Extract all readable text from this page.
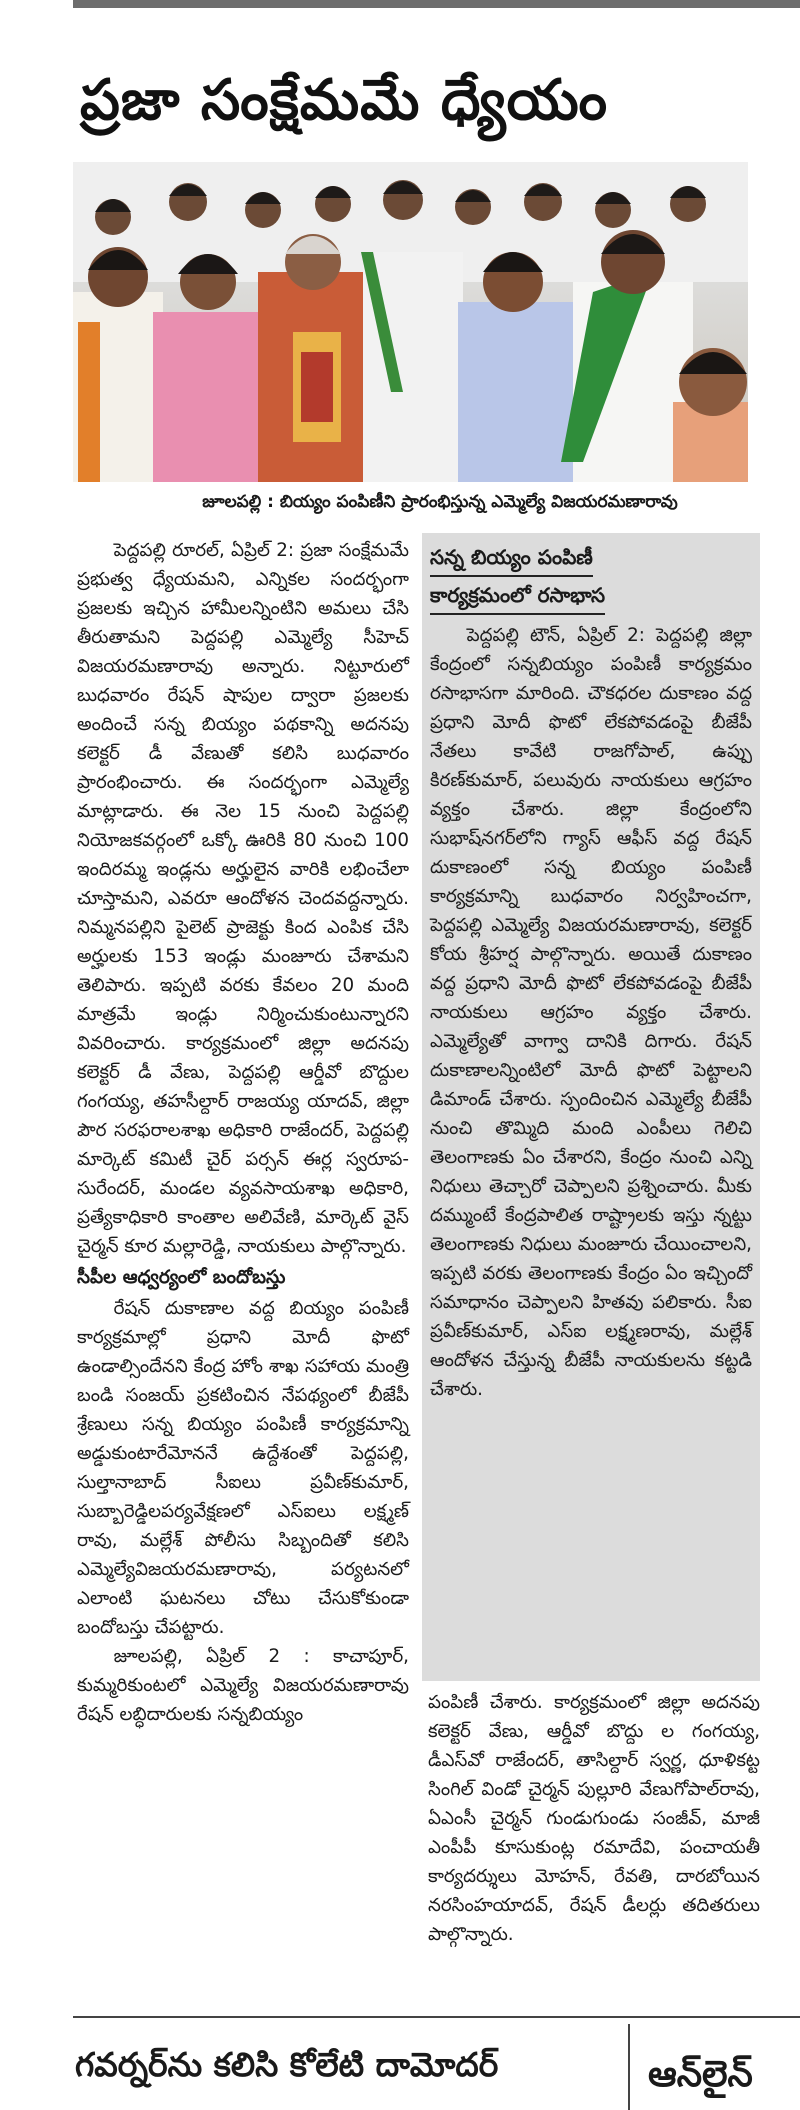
ప్రజా సంక్షేమమే ధ్యేయం
జూలపల్లి : బియ్యం పంపిణీని ప్రారంభిస్తున్న ఎమ్మెల్యే విజయరమణారావు

పెద్దపల్లి రూరల్, ఏప్రిల్ 2: ప్రజా సంక్షేమమే ప్రభుత్వ ధ్యేయమని, ఎన్నికల సందర్భంగా ప్రజలకు ఇచ్చిన హామీలన్నింటిని అమలు చేసి తీరుతామని పెద్దపల్లి ఎమ్మెల్యే సీహెచ్ విజయరమణారావు అన్నారు. నిట్టూరులో బుధవారం రేషన్ షాపుల ద్వారా ప్రజలకు అందించే సన్న బియ్యం పథకాన్ని అదనపు కలెక్టర్ డీ వేణుతో కలిసి బుధవారం ప్రారంభించారు. ఈ సందర్భంగా ఎమ్మెల్యే మాట్లాడారు. ఈ నెల 15 నుంచి పెద్దపల్లి నియోజకవర్గంలో ఒక్కో ఊరికి 80 నుంచి 100 ఇందిరమ్మ ఇండ్లను అర్హులైన వారికి లభించేలా చూస్తామని, ఎవరూ ఆందోళన చెందవద్దన్నారు. నిమ్మనపల్లిని పైలెట్ ప్రాజెక్టు కింద ఎంపిక చేసి అర్హులకు 153 ఇండ్లు మంజూరు చేశామని తెలిపారు. ఇప్పటి వరకు కేవలం 20 మంది మాత్రమే ఇండ్లు నిర్మించుకుంటున్నారని వివరించారు. కార్యక్రమంలో జిల్లా అదనపు కలెక్టర్ డీ వేణు, పెద్దపల్లి ఆర్డీవో బొద్దుల గంగయ్య, తహసీల్దార్ రాజయ్య యాదవ్, జిల్లా పౌర సరఫరాలశాఖ అధికారి రాజేందర్, పెద్దపల్లి మార్కెట్ కమిటీ చైర్ పర్సన్ ఈర్ల స్వరూప-సురేందర్, మండల వ్యవసాయశాఖ అధికారి, ప్రత్యేకాధికారి కాంతాల అలివేణి, మార్కెట్ వైస్ చైర్మన్ కూర మల్లారెడ్డి, నాయకులు పాల్గొన్నారు.

సీపీల ఆధ్వర్యంలో బందోబస్తు

రేషన్ దుకాణాల వద్ద బియ్యం పంపిణీ కార్యక్రమాల్లో ప్రధాని మోదీ ఫొటో ఉండాల్సిందేనని కేంద్ర హోం శాఖ సహాయ మంత్రి బండి సంజయ్ ప్రకటించిన నేపథ్యంలో బీజేపీ శ్రేణులు సన్న బియ్యం పంపిణీ కార్యక్రమాన్ని అడ్డుకుంటారేమోననే ఉద్దేశంతో పెద్దపల్లి, సుల్తానాబాద్ సీఐలు ప్రవీణ్‌కుమార్, సుబ్బారెడ్డిలపర్యవేక్షణలో ఎస్ఐలు లక్ష్మణ్ రావు, మల్లేశ్ పోలీసు సిబ్బందితో కలిసి ఎమ్మెల్యేవిజయరమణారావు, పర్యటనలో ఎలాంటి ఘటనలు చోటు చేసుకోకుండా బందోబస్తు చేపట్టారు.

జూలపల్లి, ఏప్రిల్ 2 : కాచాపూర్, కుమ్మరికుంటలో ఎమ్మెల్యే విజయరమణారావు రేషన్ లబ్ధిదారులకు సన్నబియ్యం

సన్న బియ్యం పంపిణీ
కార్యక్రమంలో రసాభాస

పెద్దపల్లి టౌన్, ఏప్రిల్ 2: పెద్దపల్లి జిల్లా కేంద్రంలో సన్నబియ్యం పంపిణీ కార్యక్రమం రసాభాసగా మారింది. చౌకధరల దుకాణం వద్ద ప్రధాని మోదీ ఫొటో లేకపోవడంపై బీజేపీ నేతలు కావేటి రాజగోపాల్, ఉప్పు కిరణ్‌కుమార్, పలువురు నాయకులు ఆగ్రహం వ్యక్తం చేశారు. జిల్లా కేంద్రంలోని సుభాష్‌నగర్‌లోని గ్యాస్ ఆఫీస్ వద్ద రేషన్ దుకాణంలో సన్న బియ్యం పంపిణీ కార్యక్రమాన్ని బుధవారం నిర్వహించగా, పెద్దపల్లి ఎమ్మెల్యే విజయరమణారావు, కలెక్టర్ కోయ శ్రీహర్ష పాల్గొన్నారు. అయితే దుకాణం వద్ద ప్రధాని మోదీ ఫొటో లేకపోవడంపై బీజేపీ నాయకులు ఆగ్రహం వ్యక్తం చేశారు. ఎమ్మెల్యేతో వాగ్వా దానికి దిగారు. రేషన్ దుకాణాలన్నింటిలో మోదీ ఫొటో పెట్టాలని డిమాండ్ చేశారు. స్పందించిన ఎమ్మెల్యే బీజేపీ నుంచి తొమ్మిది మంది ఎంపీలు గెలిచి తెలంగాణకు ఏం చేశారని, కేంద్రం నుంచి ఎన్ని నిధులు తెచ్చారో చెప్పాలని ప్రశ్నించారు. మీకు దమ్ముంటే కేంద్రపాలిత రాష్ట్రాలకు ఇస్తు న్నట్టు తెలంగాణకు నిధులు మంజూరు చేయించాలని, ఇప్పటి వరకు తెలంగాణకు కేంద్రం ఏం ఇచ్చిందో సమాధానం చెప్పాలని హితవు పలికారు. సీఐ ప్రవీణ్‌కుమార్, ఎస్ఐ లక్ష్మణరావు, మల్లేశ్ ఆందోళన చేస్తున్న బీజేపీ నాయకులను కట్టడి చేశారు.

పంపిణీ చేశారు. కార్యక్రమంలో జిల్లా అదనపు కలెక్టర్ వేణు, ఆర్డీవో బొద్దు ల గంగయ్య, డీఎస్‌వో రాజేందర్, తాసిల్దార్ స్వర్ణ, ధూళికట్ట సింగిల్ విండో చైర్మన్ పుల్లూరి వేణుగోపాల్‌రావు, ఏఎంసీ చైర్మన్ గుండుగుండు సంజీవ్, మాజీ ఎంపీపీ కూసుకుంట్ల రమాదేవి, పంచాయతీ కార్యదర్శులు మోహన్, రేవతి, దారబోయిన నరసింహయాదవ్, రేషన్ డీలర్లు తదితరులు పాల్గొన్నారు.

గవర్నర్‌ను కలిసి కోలేటి దామోదర్	ఆన్‌లైన్
